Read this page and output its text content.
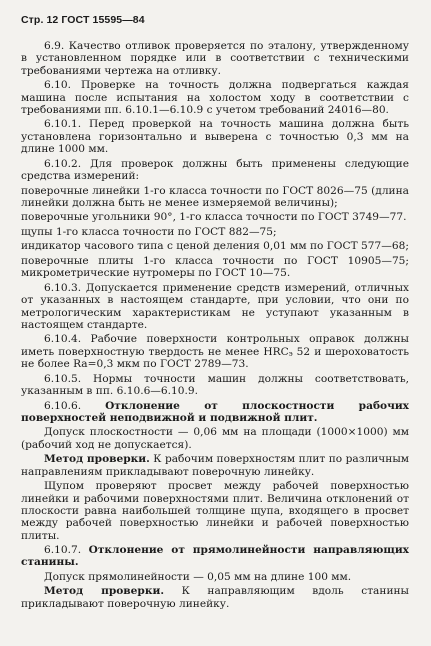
Стр. 12 ГОСТ 15595—84

6.9. Качество отливок проверяется по эталону, утвержденному в установленном порядке или в соответствии с техническими требованиями чертежа на отливку.

6.10. Проверке на точность должна подвергаться каждая машина после испытания на холостом ходу в соответствии с требованиями пп. 6.10.1—6.10.9 с учетом требований 24016—80.

6.10.1. Перед проверкой на точность машина должна быть установлена горизонтально и выверена с точностью 0,3 мм на длине 1000 мм.

6.10.2. Для проверок должны быть применены следующие средства измерений:

поверочные линейки 1-го класса точности по ГОСТ 8026—75 (длина линейки должна быть не менее измеряемой величины);

поверочные угольники 90°, 1-го класса точности по ГОСТ 3749—77.

щупы 1-го класса точности по ГОСТ 882—75;

индикатор часового типа с ценой деления 0,01 мм по ГОСТ 577—68;

поверочные плиты 1-го класса точности по ГОСТ 10905—75; микрометрические нутромеры по ГОСТ 10—75.

6.10.3. Допускается применение средств измерений, отличных от указанных в настоящем стандарте, при условии, что они по метрологическим характеристикам не уступают указанным в настоящем стандарте.

6.10.4. Рабочие поверхности контрольных оправок должны иметь поверхностную твердость не менее $HRC_э$ 52 и шероховатость не более Ra=0,3 мкм по ГОСТ 2789—73.

6.10.5. Нормы точности машин должны соответствовать, указанным в пп. 6.10.6—6.10.9.

6.10.6. Отклонение от плоскостности рабочих поверхностей неподвижной и подвижной плит.

Допуск плоскостности — 0,06 мм на площади (1000×1000) мм (рабочий ход не допускается).

Метод проверки. К рабочим поверхностям плит по различным направлениям прикладывают поверочную линейку.

Щупом проверяют просвет между рабочей поверхностью линейки и рабочими поверхностями плит. Величина отклонений от плоскости равна наибольшей толщине щупа, входящего в просвет между рабочей поверхностью линейки и рабочей поверхностью плиты.

6.10.7. Отклонение от прямолинейности направляющих станины.

Допуск прямолинейности — 0,05 мм на длине 100 мм.

Метод проверки. К направляющим вдоль станины прикладывают поверочную линейку.
